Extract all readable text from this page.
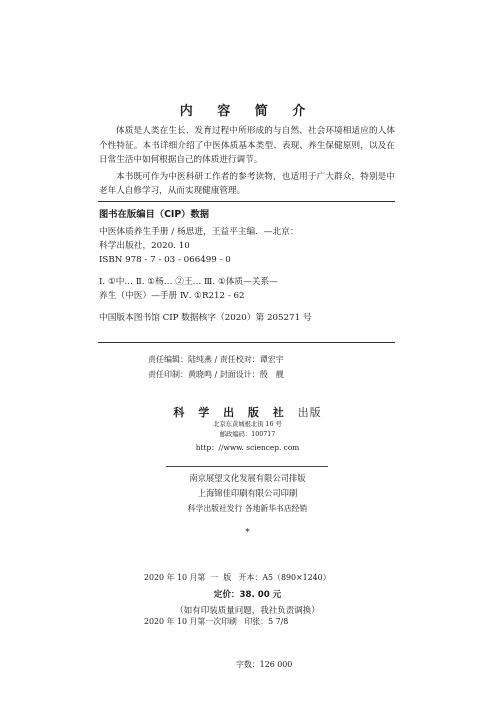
内 容 简 介

体质是人类在生长、发育过程中所形成的与自然、社会环境相适应的人体个性特征。本书详细介绍了中医体质基本类型、表现、养生保健原则，以及在日常生活中如何根据自己的体质进行调节。

本书既可作为中医科研工作者的参考读物，也适用于广大群众，特别是中老年人自修学习，从而实现健康管理。

图书在版编目（CIP）数据
中医体质养生手册 / 杨思进，王益平主编．—北京：
科学出版社，2020. 10
ISBN 978 - 7 - 03 - 066499 - 0
Ⅰ. ①中… Ⅱ. ①杨… ②王… Ⅲ. ①体质—关系—
养生（中医）—手册 Ⅳ. ①R212 - 62
中国版本图书馆 CIP 数据核字（2020）第 205271 号
责任编辑：陆纯燕 / 责任校对：谭宏宇
责任印制：黄晓鸣 / 封面设计：殷　靓
科 学 出 版 社 出版
北京东黄城根北街 16 号
邮政编码：100717
http：//www. sciencep. com
南京展望文化发展有限公司排版
上海锦佳印刷有限公司印刷
科学出版社发行 各地新华书店经销
*

2020 年 10 月第  一  版   开本：A5（890×1240）

2020 年 10 月第一次印刷   印张：5 7/8

字数：126 000

定价：38. 00 元
（如有印装质量问题，我社负责调换）
